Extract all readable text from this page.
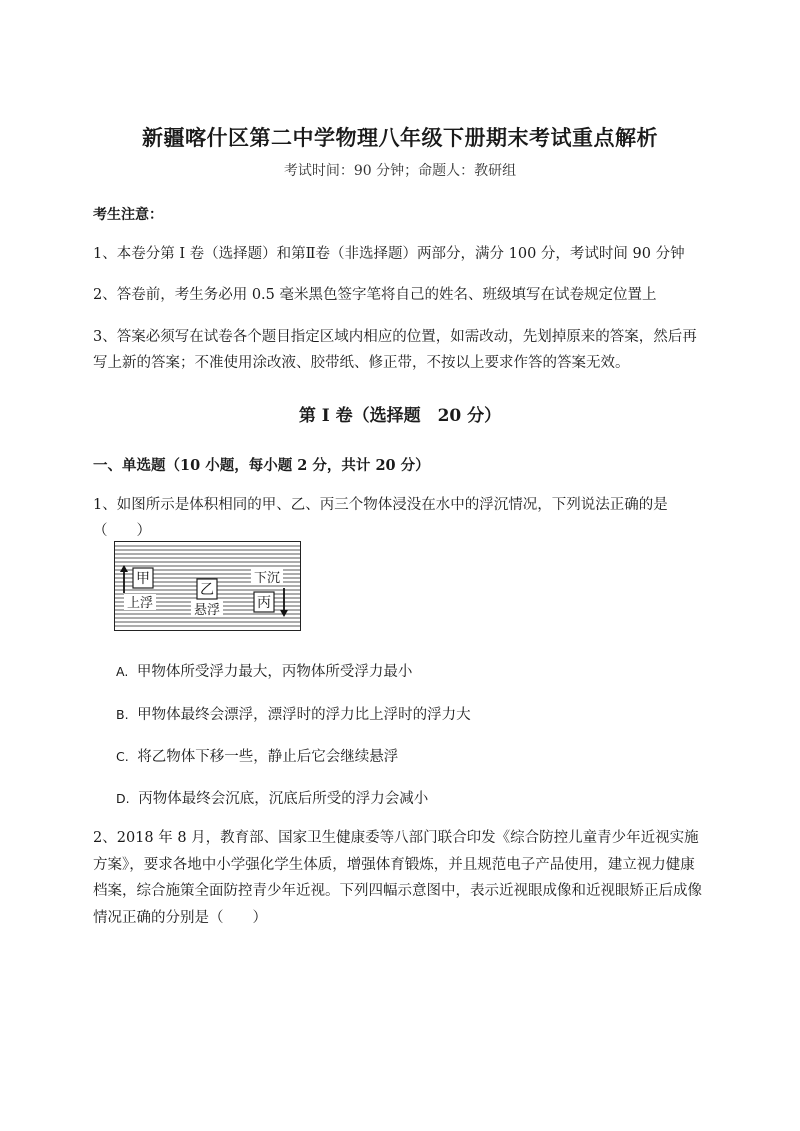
新疆喀什区第二中学物理八年级下册期末考试重点解析
考试时间：90 分钟；命题人：教研组
考生注意：
1、本卷分第 I 卷（选择题）和第Ⅱ卷（非选择题）两部分，满分 100 分，考试时间 90 分钟
2、答卷前，考生务必用 0.5 毫米黑色签字笔将自己的姓名、班级填写在试卷规定位置上
3、答案必须写在试卷各个题目指定区域内相应的位置，如需改动，先划掉原来的答案，然后再写上新的答案；不准使用涂改液、胶带纸、修正带，不按以上要求作答的答案无效。
第 I 卷（选择题　20 分）
一、单选题（10 小题，每小题 2 分，共计 20 分）
1、如图所示是体积相同的甲、乙、丙三个物体浸没在水中的浮沉情况，下列说法正确的是（　　）
甲
上浮
乙
悬浮
下沉
丙
A. 甲物体所受浮力最大，丙物体所受浮力最小
B. 甲物体最终会漂浮，漂浮时的浮力比上浮时的浮力大
C. 将乙物体下移一些，静止后它会继续悬浮
D. 丙物体最终会沉底，沉底后所受的浮力会减小
2、2018 年 8 月，教育部、国家卫生健康委等八部门联合印发《综合防控儿童青少年近视实施方案》，要求各地中小学强化学生体质，增强体育锻炼，并且规范电子产品使用，建立视力健康档案，综合施策全面防控青少年近视。下列四幅示意图中，表示近视眼成像和近视眼矫正后成像情况正确的分别是（　　）
